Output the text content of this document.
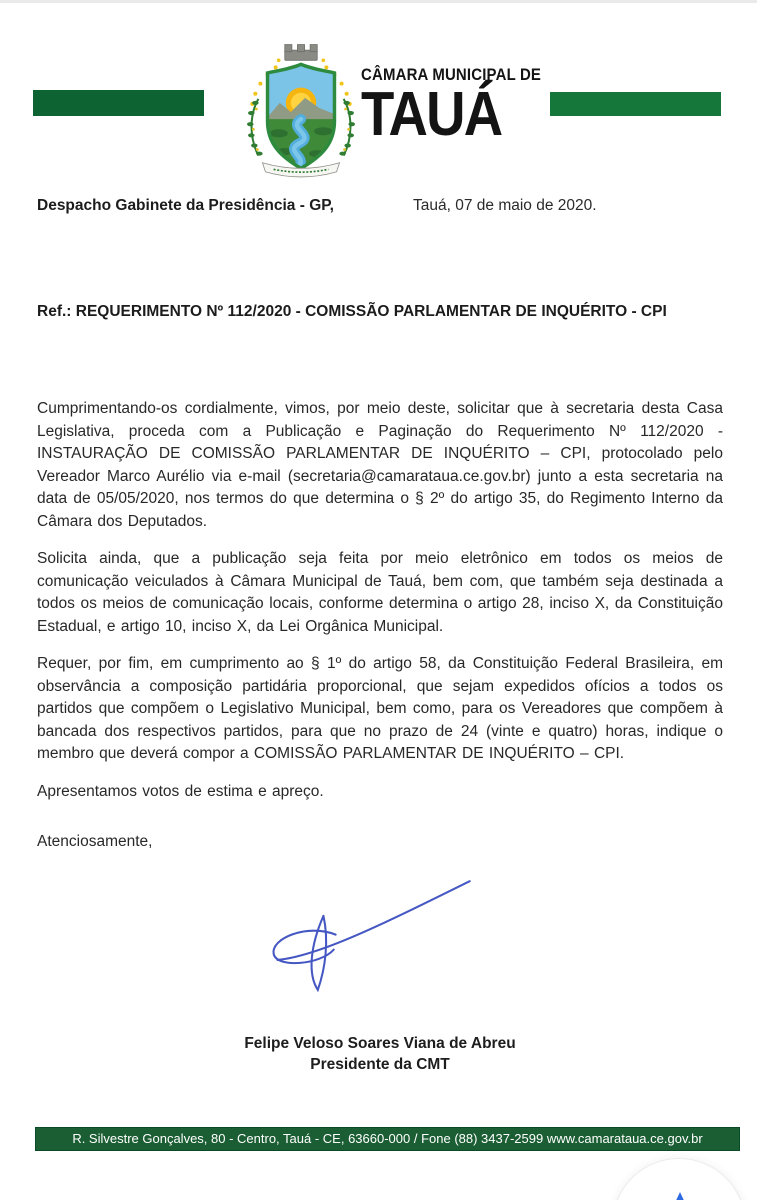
CÂMARA MUNICIPAL DE
TAUÁ
Despacho Gabinete da Presidência - GP,	Tauá, 07 de maio de 2020.
Ref.: REQUERIMENTO Nº 112/2020 - COMISSÃO PARLAMENTAR DE INQUÉRITO - CPI

Cumprimentando-os cordialmente, vimos, por meio deste, solicitar que à secretaria desta Casa Legislativa, proceda com a Publicação e Paginação do Requerimento Nº 112/2020 - INSTAURAÇÃO DE COMISSÃO PARLAMENTAR DE INQUÉRITO – CPI, protocolado pelo Vereador Marco Aurélio via e-mail (secretaria@camarataua.ce.gov.br) junto a esta secretaria na data de 05/05/2020, nos termos do que determina o § 2º do artigo 35, do Regimento Interno da Câmara dos Deputados.

Solicita ainda, que a publicação seja feita por meio eletrônico em todos os meios de comunicação veiculados à Câmara Municipal de Tauá, bem com, que também seja destinada a todos os meios de comunicação locais, conforme determina o artigo 28, inciso X, da Constituição Estadual, e artigo 10, inciso X, da Lei Orgânica Municipal.

Requer, por fim, em cumprimento ao § 1º do artigo 58, da Constituição Federal Brasileira, em observância a composição partidária proporcional, que sejam expedidos ofícios a todos os partidos que compõem o Legislativo Municipal, bem como, para os Vereadores que compõem à bancada dos respectivos partidos, para que no prazo de 24 (vinte e quatro) horas, indique o membro que deverá compor a COMISSÃO PARLAMENTAR DE INQUÉRITO – CPI.

Apresentamos votos de estima e apreço.

Atenciosamente,

Felipe Veloso Soares Viana de Abreu
Presidente da CMT
R. Silvestre Gonçalves, 80 - Centro, Tauá - CE, 63660-000 / Fone (88) 3437-2599 www.camarataua.ce.gov.br
